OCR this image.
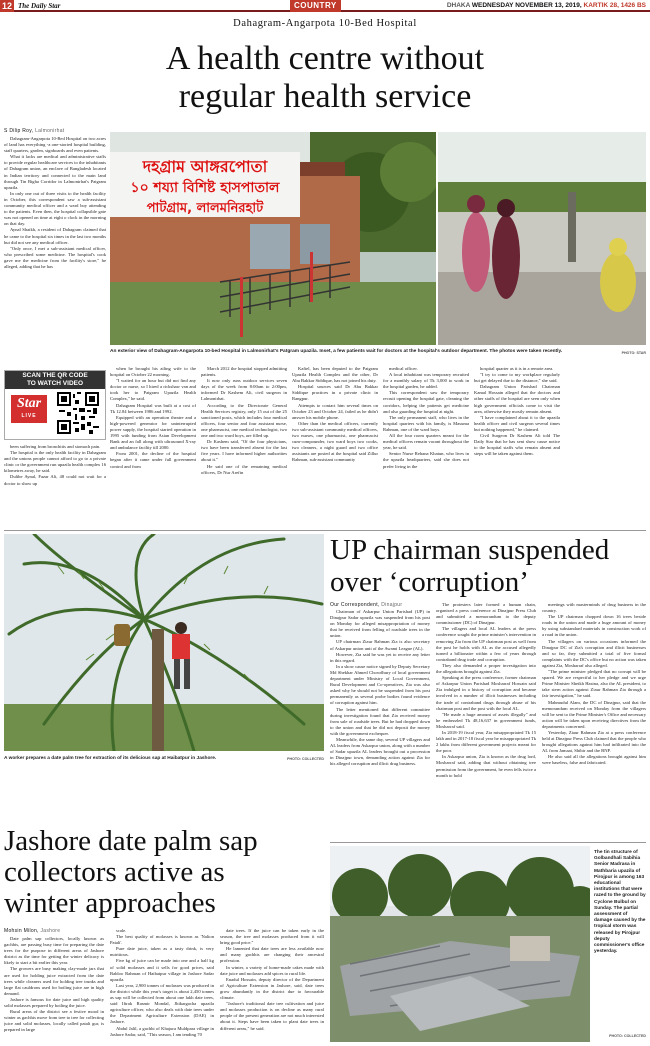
12 The Daily Star	COUNTRY	DHAKA WEDNESDAY NOVEMBER 13, 2019, KARTIK 28, 1426 BS
Dahagram-Angarpota 10-Bed Hospital
A health centre without
regular health service
S Dilip Roy, Lalmonirhat

Dahagram-Angarpota 10-Bed Hospital on two acres of land has everything -a one-storied hospital building, staff quarters, garden, signboards and even patients.

What it lacks are medical and administrative staffs to provide regular healthcare services to the inhabitants of Dahagram union, an enclave of Bangladesh located in Indian territory and connected to the main land through Tin Bigha Corridor in Lalmonirhat's Patgram upazila.

In only one out of three visits to the health facility in October, this correspondent saw a sub-assistant community medical officer and a ward boy attending to the patients. Even then, the hospital collapsible gate was not opened on time at eight o clock in the morning on that day.

Aynal Shaikh, a resident of Dahagram claimed that he came to the hospital six times in the last two months but did not see any medical officer.

"Only once, I met a sub-assistant medical officer, who prescribed some medicine. The hospital's cook gave me the medicine from the facility's store," he alleged, adding that he has

SCAN THE QR CODE
TO WATCH VIDEO
Star
LIVE

been suffering from bronchitis and stomach pain.

The hospital is the only health facility in Dahagram and the unions people cannot afford to go to a private clinic or the government run upazila health complex 16 kilometres away, he said.

Dulibe Aynal, Fazar Ali, 48 could not wait for a doctor to show up

দহগ্রাম আঙ্গরপোতা
১০ শয্যা বিশিষ্ট হাসপাতাল
পাটগ্রাম, লালমনিরহাট
An exterior view of Dahagram-Angarpota 10-bed Hospital in Lalmonirhat's Patgram upazila. Inset, a few patients wait for doctors at the hospital's outdoor department. The photos were taken recently.	PHOTO: STAR

when he brought his ailing wife to the hospital on October 22 morning.

"I waited for an hour but did not find any doctor or nurse, so I hired a rickshaw van and took her to Patgram Upazila Health Complex," he said.

Dahagram Hospital was built at a cost of Tk 12.84 between 1986 and 1992.

Equipped with an operation theatre and a high-powered generator for uninterrupted power supply, the hospital started operation in 1995 with funding from Asian Development Bank and an fall along with ultrasound X-ray and ambulance facility till 2000.

From 2001, the decline of the hospital began after it came under full government control and from

March 2012 the hospital stopped admitting patients.

It now only runs outdoor services seven days of the week from 8:00am to 2:00pm, informed Dr Kashem Ali, civil surgeon in Lalmonirhat.

According to the Directorate General Health Services registry, only 15 out of the 25 sanctioned posts, which includes four medical officers, four senior and four assistant nurse, one pharmacist, one medical technologist, two one and two ward boys, are filled up.

Dr Kashem said, "Of the four physicians, two have been transferred absent for the last five years. I have informed higher authorities about it."

He said one of the remaining medical officers, Dr Nur Arefin

Kafiel, has been deputed to the Patgram Upazila Health Complex and the other, Dr Abu Bakkar Siddique, has not joined his duty.

Hospital sources said Dr Abu Bakkar Siddique practices in a private clinic in Rangpur.

Attempts to contact him several times on October 23 and October 24, failed as he didn't answer his mobile phone.

Other than the medical officers, currently two sub-assistant community medical officers, two nurses, one pharmacist, one pharmacist cum-compounder, two ward boys two cooks, two cleaners, a night guard and two office assistants are posted at the hospital said Zillur Rahman, sub-assistant community

medical officer.

A local inhabitant was temporary recruited for a monthly salary of Tk 3,000 to work in the hospital garden, he added.

This correspondent saw the temporary recruit opening the hospital gate, cleaning the corridors, helping the patients get medicine and also guarding the hospital at night.

The only permanent staff, who lives in the hospital quarters with his family, is Masuma Rahman, one of the ward boys.

All the four room quarters meant for the medical officers remain vacant throughout the year, he said.

Senior Nurse Rehana Khatun, who lives in the upazila headquarters, said she does not prefer living in the

hospital quarter as it is in a remote area.

"I try to come to my workplace regularly but get delayed due to the distance," she said.

Dahagram Union Parishad Chairman Kamal Hossain alleged that the doctors and other staffs of the hospital are seen only when high government officials come to visit the area, otherwise they mostly remain absent.

"I have complained about it to the upazila health officer and civil surgeon several times but nothing happened," he claimed.

Civil Surgeon Dr Kashem Ali told The Daily Star that he has sent show cause notice to the hospital staffs who remain absent and steps will be taken against them.

A worker prepares a date palm tree for extraction of its delicious sap at Haibatpur in Jashore.	PHOTO: COLLECTED
Jashore date palm sap
collectors active as
winter approaches
Mohsin Milon, Jashore

Date palm sap collectors, locally known as gachhis, are passing busy time for preparing the date trees for the purpose in different areas of Jashore district as the time for getting the winter delicacy is likely to start a bit earlier this year.

The growers are busy making clay-made jars that are used for holding juice extracted from the date trees while cleaners used for holding tree trunks and large flat cauldrons used for boiling juice are in high demand.

Jashore is famous for date juice and high quality solid molasses prepared by boiling the juice.

Rural areas of the district see a festive mood in winter as gachhis move from tree to tree for collecting juice and solid molasses, locally called patali gur, is prepared in large

scale.

The best quality of molasses is known as 'Nalion Patali'.

Pure date juice, taken as a tasty drink, is very nutritious.

Five kg of juice can be made into one and a half kg of solid molasses and it sells for good prices, said Babloo Rahman of Haibatpur village in Jashore Sadar upazila.

Last year, 2,900 tonnes of molasses was produced in the district while this year's target is about 2,450 tonnes as sap will be collected from about one lakh date trees, said Iftrak Rasmir Mondal, Jhikargacha upazila agriculture officer, who also deals with date trees under the Department Agriculture Extension (DAE) in Jashore.

Abdul Jalil, a gachhi of Khajura Muldpara village in Jashore Sadar, said, "This season, I am tending 70

date trees. If the juice can be taken early in the season, the tree and molasses produced from it will bring good price."

He lamented that date trees are less available now and many gachhis are changing their ancestral profession.

In winter, a variety of home-made cakes made with date juice and molasses add spices to rural life.

Enadul Hossain, deputy director of the Department of Agriculture Extension in Jashore, said, date trees grow abundantly in the district due to favourable climate.

"Jashore's traditional date tree cultivation and juice and molasses production is on decline as many rural people of the present generation are not much interested about it. Steps have been taken to plant date trees in different areas," he said.

UP chairman suspended
over ‘corruption’
Our Correspondent, Dinajpur

Chairman of Askarpur Union Parishad (UP) in Dinajpur Sadar upazila was suspended from his post on Monday for alleged misappropriation of money that he received from felling of roadside trees in the union.

UP chairman Ziaur Rahman Zia is also secretary of Askarpur union unit of the Awami League (AL).

However, Zia said he was yet to receive any letter in this regard.

In a show cause notice signed by Deputy Secretary Md Shekhar Ahmed Chowdhury of local government department under Ministry of Local Government, Rural Development and Co-operatives, Zia was also asked why he should not be suspended from his post permanently as several probe bodies found evidence of corruption against him.

The letter mentioned that different committee during investigation found that Zia received money from sale of roadside trees. But he had dropped down to the union and that he did not deposit the money with the government exchequer.

Meanwhile, the same day, several UP villagers and AL leaders from Askarpur union, along with a number of Sadar upazila AL leaders brought out a procession in Dinajpur town, demanding action against Zia for his alleged corruption and illicit drug business.

The protesters later formed a human chain, organised a press conference at Dinajpur Press Club and submitted a memorandum to the deputy commissioner (DC) of Dinajpur.

The villagers and local AL leaders at the press conference sought the prime minister's intervention in removing Zia from the UP chairman post as well from the post he holds with AL as the accused allegedly turned a billionaire within a few of years through contraband drug trade and corruption.

They also demanded a proper investigation into the allegations brought against Zia.

Speaking at the press conference, former chairman of Askarpur Union Parishad Mosharraf Hossain said Zia indulged in a history of corruption and became involved in a number of illicit businesses including the trade of contraband drugs through abuse of his chairman post and the post with the local AL.

"He made a huge amount of assets illegally" and he embezzled Tk 48,16,637 in government funds, Mosharraf said.

In 2018-19 fiscal year, Zia misappropriated Tk 15 lakh and in 2017-18 fiscal year he misappropriated Tk 2 lakhs from different government projects meant for the poor.

In Askarpur union, Zia is known as the drug lord, Mosharraf said, adding that without obtaining tree permission from the government, he even fells twice a month to hold

meetings with masterminds of drug business in the country.

The UP chairman chopped down 16 trees beside roads in the union and made a huge amount of money by using substandard materials in construction work of a road in the union.

The villagers on various occasions informed the Dinajpur DC of Zia's corruption and illicit businesses and so far, they submitted a total of five formal complaints with the DC's office but no action was taken against Zia, Mosharraf also alleged.

"The prime minister pledged that no corrupt will be spared. We are respectful to her pledge and we urge Prime Minister Sheikh Hasina, also the AL president, to take stern action against Ziaur Rahman Zia through a fair investigation," he said.

Mahmudul Alam, the DC of Dinajpur, said that the memorandum received on Monday from the villagers will be sent to the Prime Minister's Office and necessary action will be taken upon receiving directives from the departments concerned.

Yesterday, Ziaur Rahman Zia at a press conference held at Dinajpur Press Club claimed that the people who brought allegations against him had infiltrated into the AL from Jamaat, Shibir and the BNP.

He also said all the allegations brought against him were baseless, false and fabricated.

The tin structure of Golbandhali Sabihia Senior Madrasa in Mathbaria upazila of Pirojpur is among 163 educational institutions that were razed to the ground by Cyclone Bulbul on Sunday. The partial assessment of damage caused by the tropical storm was released by Pirojpur deputy commissioner's office yesterday.
PHOTO: COLLECTED
